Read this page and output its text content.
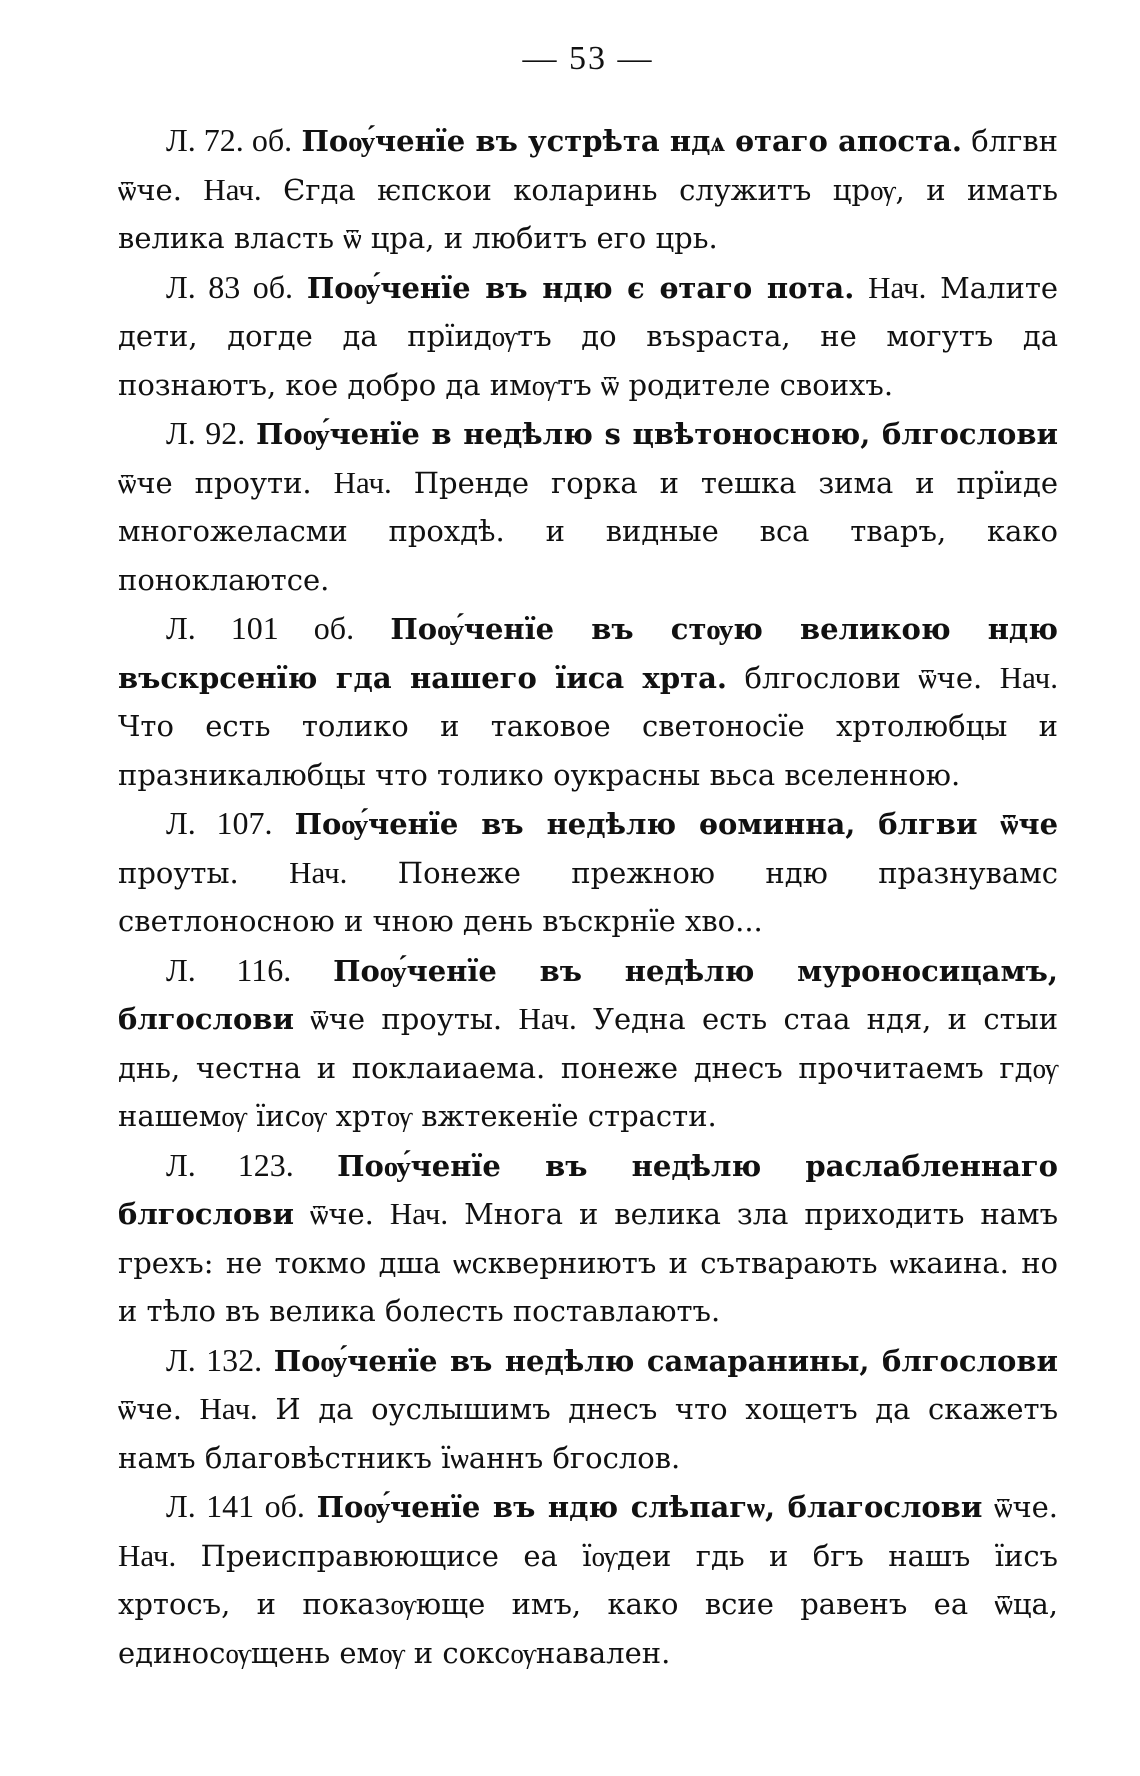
— 53 —

Л. 72. об. Поѹ́ченїе въ устрѣта ндѧ ѳтаго апоста. блгвн ѿче. Нач. Єгда ѥпскои коларинь служитъ црѹ, и имать велика власть ѿ цра, и любитъ его црь.

Л. 83 об. Поѹ́ченїе въ ндю є ѳтаго пота. Нач. Малите дети, догде да прїидѹтъ до въѕраста, не могутъ да познаютъ, кое добро да имѹтъ ѿ родителе своихъ.

Л. 92. Поѹ́ченїе в недѣлю ѕ цвѣтоносною, блгослови ѿче проути. Нач. Пренде горка и тешка зима и прїиде многожеласми прохдѣ. и видные вса тваръ, како поноклаютсе.

Л. 101 об. Поѹ́ченїе въ стѹю великою ндю въскрсенїю гда нашего їиса хрта. блгослови ѿче. Нач. Что есть толико и таковое светоносїе хртолюбцы и празникалюбцы что толико оукрасны вьса вселенною.

Л. 107. Поѹ́ченїе въ недѣлю ѳоминна, блгви ѿче проуты. Нач. Понеже прежною ндю празнувамс светлоносною и чною день въскрнїе хво...

Л. 116. Поѹ́ченїе въ недѣлю муроносицамъ, блгослови ѿче проуты. Нач. Уедна есть стаа ндя, и стыи днь, честна и поклаиаема. понеже днесъ прочитаемъ гдѹ нашемѹ їисѹ хртѹ вжтекенїе страсти.

Л. 123. Поѹ́ченїе въ недѣлю раслабленнаго блгослови ѿче. Нач. Многа и велика зла приходить намъ грехъ: не токмо дша ѡскверниютъ и сътварають ѡкаина. но и тѣло въ велика болесть поставлаютъ.

Л. 132. Поѹ́ченїе въ недѣлю самаранины, блгослови ѿче. Нач. И да оуслышимъ днесъ что хощетъ да скажетъ намъ благовѣстникъ їѡаннъ бгослов.

Л. 141 об. Поѹ́ченїе въ ндю слѣпагѡ, благослови ѿче. Нач. Преисправюющисе еа їѹдеи гдь и бгъ нашъ їисъ хртосъ, и показѹюще имъ, како всие равенъ еа ѿца, единосѹщень емѹ и соксѹнавален.
